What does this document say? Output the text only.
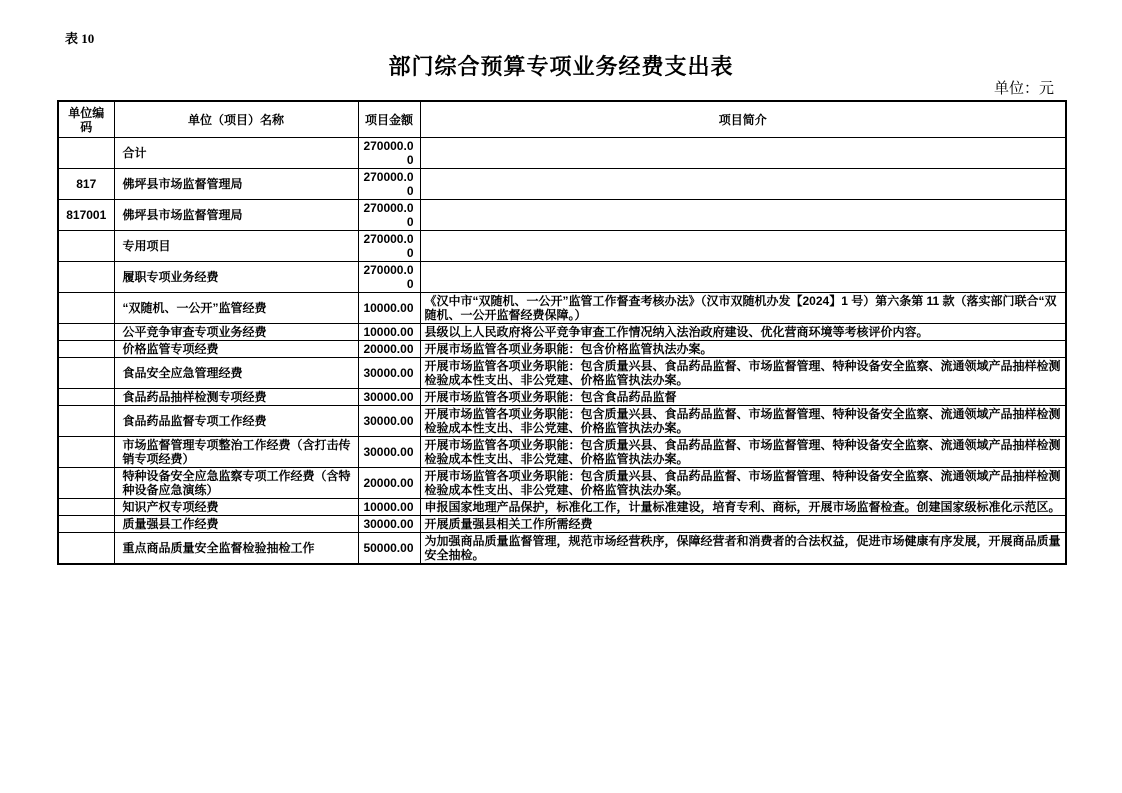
表 10
部门综合预算专项业务经费支出表
单位：元
单位编码	单位（项目）名称	项目金额	项目简介
	合计	270000.00	
817	佛坪县市场监督管理局	270000.00	
817001	佛坪县市场监督管理局	270000.00	
	专用项目	270000.00	
	履职专项业务经费	270000.00	
	“双随机、一公开”监管经费	10000.00	《汉中市“双随机、一公开”监管工作督查考核办法》（汉市双随机办发【2024】1 号）第六条第 11 款（落实部门联合“双随机、一公开监督经费保障。）
	公平竞争审查专项业务经费	10000.00	县级以上人民政府将公平竞争审查工作情况纳入法治政府建设、优化营商环境等考核评价内容。
	价格监管专项经费	20000.00	开展市场监管各项业务职能：包含价格监管执法办案。
	食品安全应急管理经费	30000.00	开展市场监管各项业务职能：包含质量兴县、食品药品监督、市场监督管理、特种设备安全监察、流通领域产品抽样检测检验成本性支出、非公党建、价格监管执法办案。
	食品药品抽样检测专项经费	30000.00	开展市场监管各项业务职能：包含食品药品监督
	食品药品监督专项工作经费	30000.00	开展市场监管各项业务职能：包含质量兴县、食品药品监督、市场监督管理、特种设备安全监察、流通领域产品抽样检测检验成本性支出、非公党建、价格监管执法办案。
	市场监督管理专项整治工作经费（含打击传销专项经费）	30000.00	开展市场监管各项业务职能：包含质量兴县、食品药品监督、市场监督管理、特种设备安全监察、流通领域产品抽样检测检验成本性支出、非公党建、价格监管执法办案。
	特种设备安全应急监察专项工作经费（含特种设备应急演练）	20000.00	开展市场监管各项业务职能：包含质量兴县、食品药品监督、市场监督管理、特种设备安全监察、流通领域产品抽样检测检验成本性支出、非公党建、价格监管执法办案。
	知识产权专项经费	10000.00	申报国家地理产品保护，标准化工作，计量标准建设，培育专利、商标，开展市场监督检查。创建国家级标准化示范区。
	质量强县工作经费	30000.00	开展质量强县相关工作所需经费
	重点商品质量安全监督检验抽检工作	50000.00	为加强商品质量监督管理，规范市场经营秩序，保障经营者和消费者的合法权益，促进市场健康有序发展，开展商品质量安全抽检。
